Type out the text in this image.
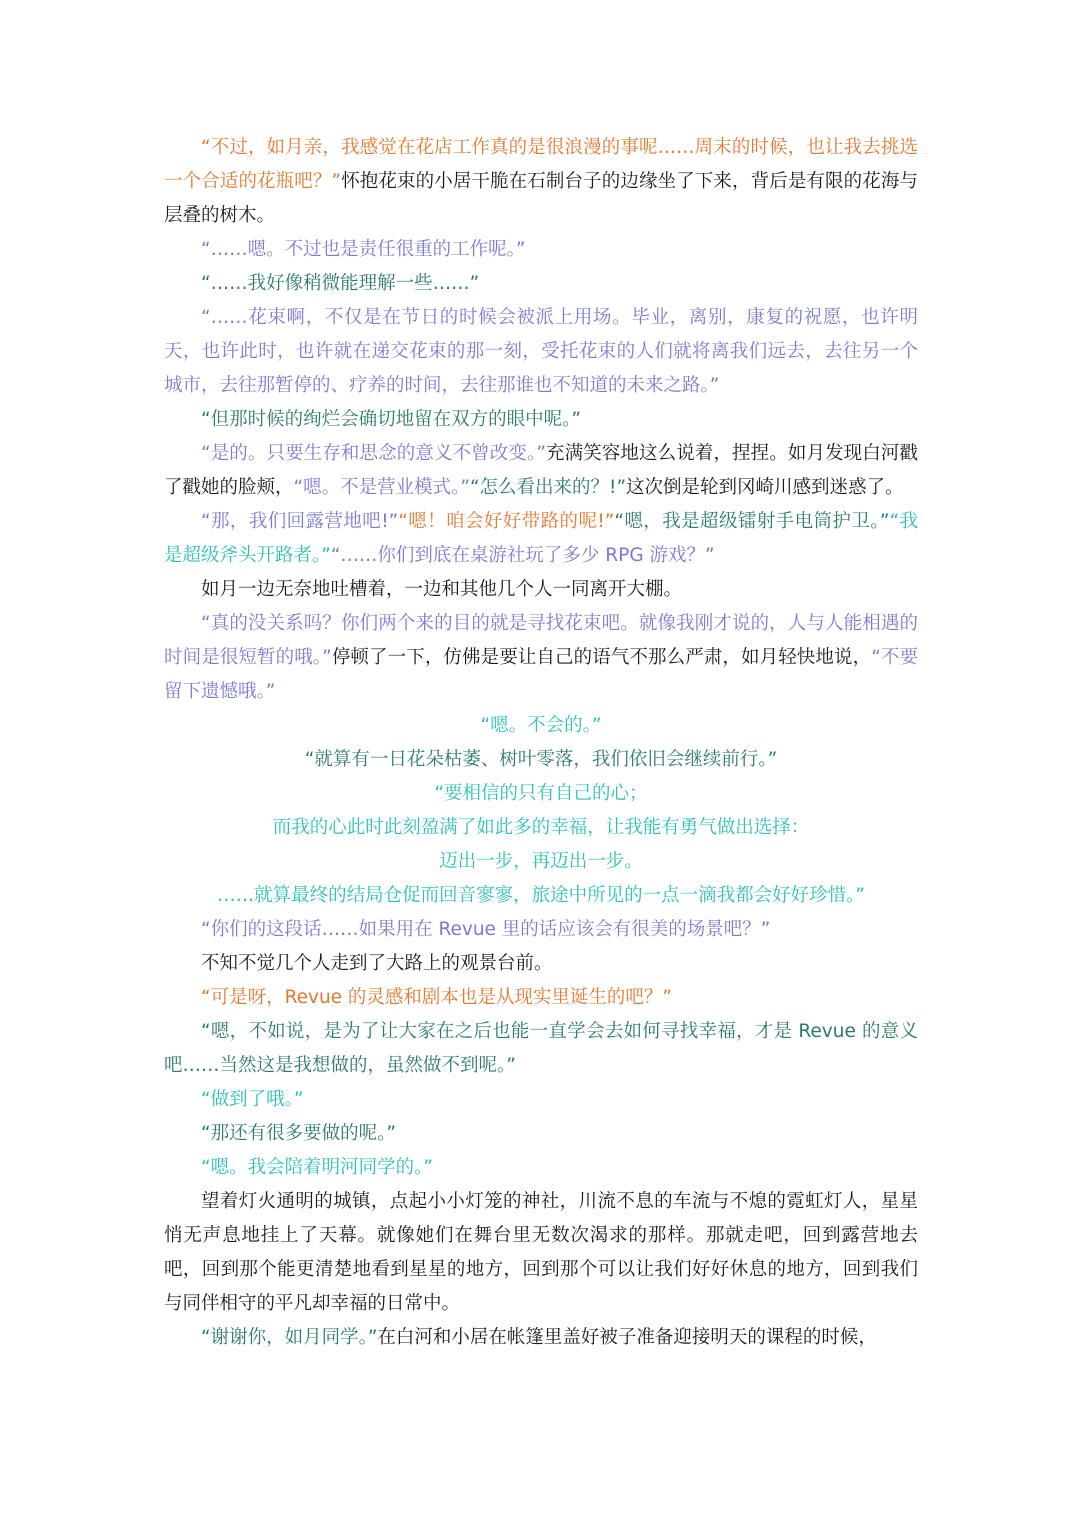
“不过，如月亲，我感觉在花店工作真的是很浪漫的事呢……周末的时候，也让我去挑选一个合适的花瓶吧？”怀抱花束的小居干脆在石制台子的边缘坐了下来，背后是有限的花海与层叠的树木。

“……嗯。不过也是责任很重的工作呢。”

“……我好像稍微能理解一些……”

“……花束啊，不仅是在节日的时候会被派上用场。毕业，离别，康复的祝愿，也许明天，也许此时，也许就在递交花束的那一刻，受托花束的人们就将离我们远去，去往另一个城市，去往那暂停的、疗养的时间，去往那谁也不知道的未来之路。”

“但那时候的绚烂会确切地留在双方的眼中呢。”

“是的。只要生存和思念的意义不曾改变。”充满笑容地这么说着，捏捏。如月发现白河戳了戳她的脸颊，“嗯。不是营业模式。”“怎么看出来的？!”这次倒是轮到冈崎川感到迷惑了。

“那，我们回露营地吧!”“嗯！咱会好好带路的呢!”“嗯，我是超级镭射手电筒护卫。”“我是超级斧头开路者。”“……你们到底在桌游社玩了多少 RPG 游戏？”

如月一边无奈地吐槽着，一边和其他几个人一同离开大棚。

“真的没关系吗？你们两个来的目的就是寻找花束吧。就像我刚才说的，人与人能相遇的时间是很短暂的哦。”停顿了一下，仿佛是要让自己的语气不那么严肃，如月轻快地说，“不要留下遗憾哦。”

“嗯。不会的。”

“就算有一日花朵枯萎、树叶零落，我们依旧会继续前行。”

“要相信的只有自己的心；

而我的心此时此刻盈满了如此多的幸福，让我能有勇气做出选择：

迈出一步，再迈出一步。

……就算最终的结局仓促而回音寥寥，旅途中所见的一点一滴我都会好好珍惜。”

“你们的这段话……如果用在 Revue 里的话应该会有很美的场景吧？”

不知不觉几个人走到了大路上的观景台前。

“可是呀，Revue 的灵感和剧本也是从现实里诞生的吧？”

“嗯，不如说，是为了让大家在之后也能一直学会去如何寻找幸福，才是 Revue 的意义吧……当然这是我想做的，虽然做不到呢。”

“做到了哦。”

“那还有很多要做的呢。”

“嗯。我会陪着明河同学的。”

望着灯火通明的城镇，点起小小灯笼的神社，川流不息的车流与不熄的霓虹灯人，星星悄无声息地挂上了天幕。就像她们在舞台里无数次渴求的那样。那就走吧，回到露营地去吧，回到那个能更清楚地看到星星的地方，回到那个可以让我们好好休息的地方，回到我们与同伴相守的平凡却幸福的日常中。

“谢谢你，如月同学。”在白河和小居在帐篷里盖好被子准备迎接明天的课程的时候，
